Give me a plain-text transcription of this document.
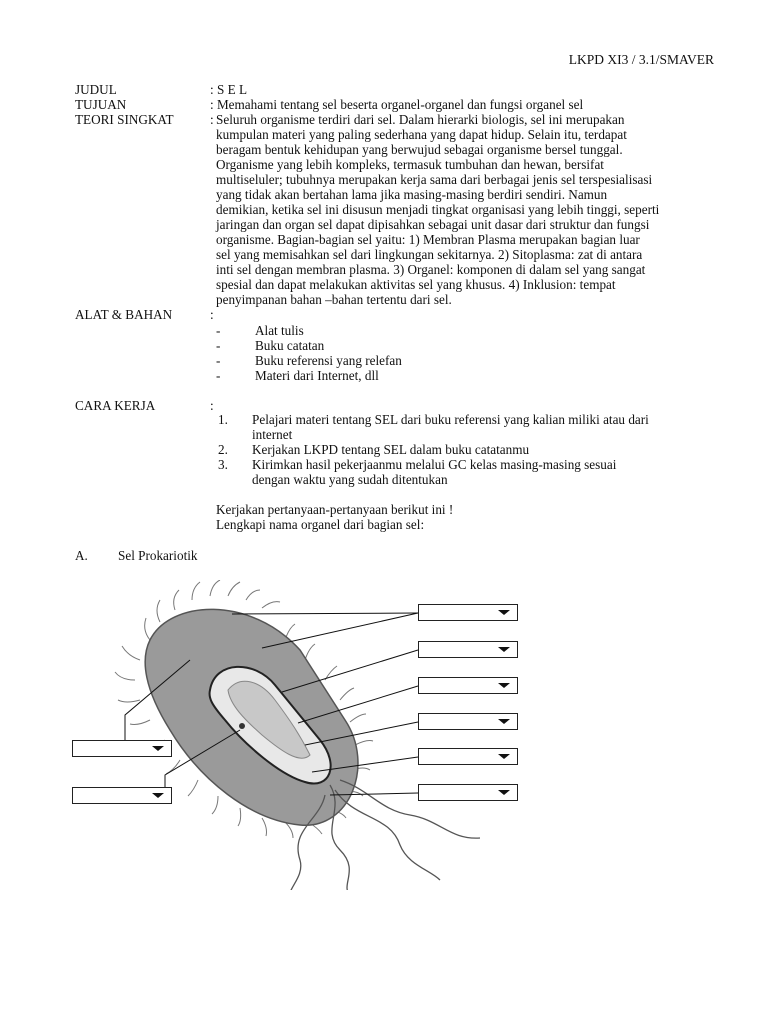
LKPD XI3 / 3.1/SMAVER
JUDUL	: S E L
TUJUAN	: Memahami tentang sel beserta organel-organel dan fungsi organel sel
TEORI SINGKAT	: Seluruh organisme terdiri dari sel. Dalam hierarki biologis, sel ini merupakan
kumpulan materi yang paling sederhana yang dapat hidup. Selain itu, terdapat
beragam bentuk kehidupan yang berwujud sebagai organisme bersel tunggal.
Organisme yang lebih kompleks, termasuk tumbuhan dan hewan, bersifat
multiseluler; tubuhnya merupakan kerja sama dari berbagai jenis sel terspesialisasi
yang tidak akan bertahan lama jika masing-masing berdiri sendiri. Namun
demikian, ketika sel ini disusun menjadi tingkat organisasi yang lebih tinggi, seperti
jaringan dan organ sel dapat dipisahkan sebagai unit dasar dari struktur dan fungsi
organisme. Bagian-bagian sel yaitu: 1) Membran Plasma merupakan bagian luar
sel yang memisahkan sel dari lingkungan sekitarnya. 2) Sitoplasma: zat di antara
inti sel dengan membran plasma. 3) Organel: komponen di dalam sel yang sangat
spesial dan dapat melakukan aktivitas sel yang khusus. 4) Inklusion: tempat
penyimpanan bahan –bahan tertentu dari sel.
ALAT & BAHAN	:
-	Alat tulis
-	Buku catatan
-	Buku referensi yang relefan
-	Materi dari Internet, dll
CARA KERJA	:
1. Pelajari materi tentang SEL dari buku referensi yang kalian miliki atau dari
internet
2. Kerjakan LKPD tentang SEL dalam buku catatanmu
3. Kirimkan hasil pekerjaanmu melalui GC kelas masing-masing sesuai
dengan waktu yang sudah ditentukan
Kerjakan pertanyaan-pertanyaan berikut ini !
Lengkapi nama organel dari bagian sel:
A. Sel Prokariotik
